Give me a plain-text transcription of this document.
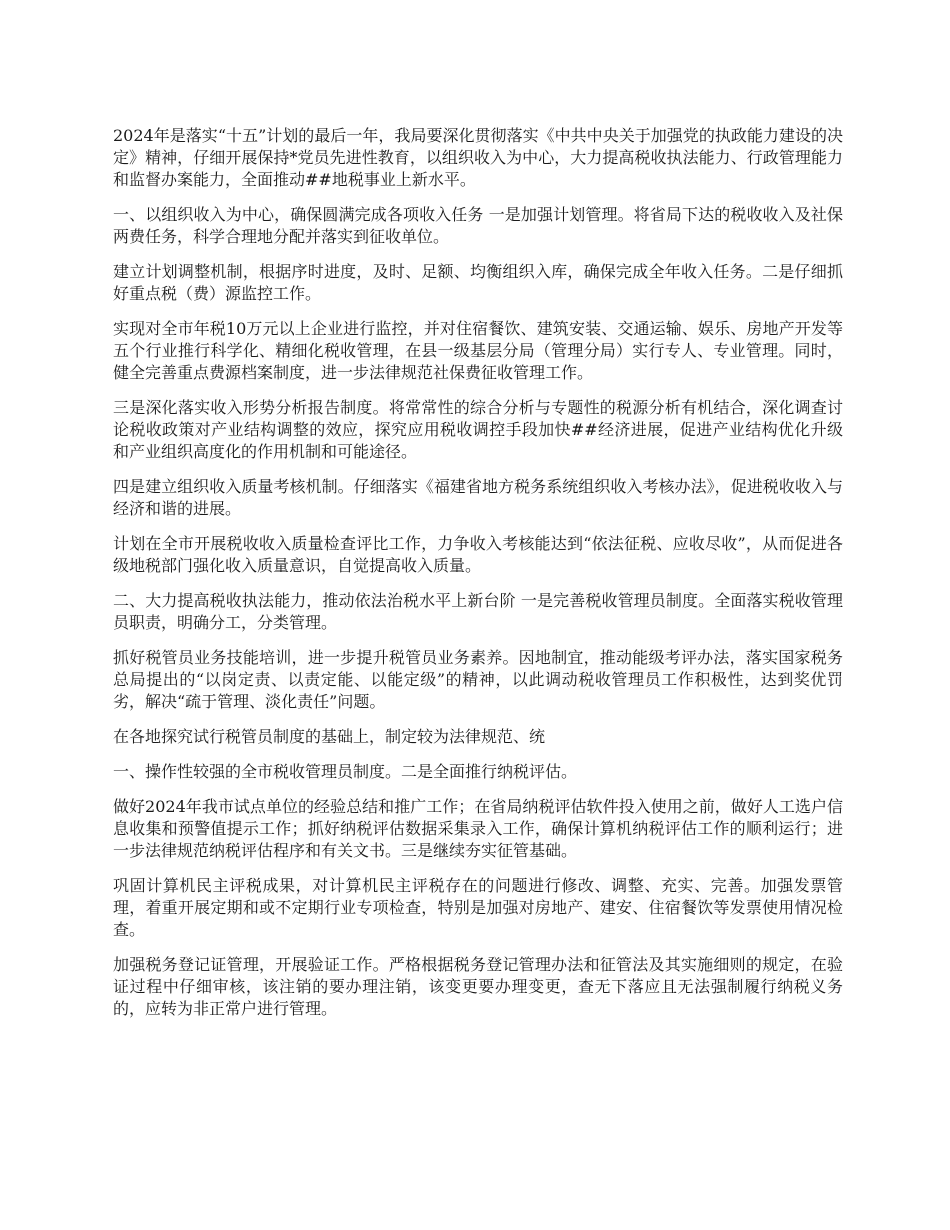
2024年是落实“十五”计划的最后一年，我局要深化贯彻落实《中共中央关于加强党的执政能力建设的决定》精神，仔细开展保持*党员先进性教育，以组织收入为中心，大力提高税收执法能力、行政管理能力和监督办案能力，全面推动##地税事业上新水平。

一、以组织收入为中心，确保圆满完成各项收入任务 一是加强计划管理。将省局下达的税收收入及社保两费任务，科学合理地分配并落实到征收单位。

建立计划调整机制，根据序时进度，及时、足额、均衡组织入库，确保完成全年收入任务。二是仔细抓好重点税（费）源监控工作。

实现对全市年税10万元以上企业进行监控，并对住宿餐饮、建筑安装、交通运输、娱乐、房地产开发等五个行业推行科学化、精细化税收管理，在县一级基层分局（管理分局）实行专人、专业管理。同时，健全完善重点费源档案制度，进一步法律规范社保费征收管理工作。

三是深化落实收入形势分析报告制度。将常常性的综合分析与专题性的税源分析有机结合，深化调查讨论税收政策对产业结构调整的效应，探究应用税收调控手段加快##经济进展，促进产业结构优化升级和产业组织高度化的作用机制和可能途径。

四是建立组织收入质量考核机制。仔细落实《福建省地方税务系统组织收入考核办法》，促进税收收入与经济和谐的进展。

计划在全市开展税收收入质量检查评比工作，力争收入考核能达到“依法征税、应收尽收”，从而促进各级地税部门强化收入质量意识，自觉提高收入质量。

二、大力提高税收执法能力，推动依法治税水平上新台阶 一是完善税收管理员制度。全面落实税收管理员职责，明确分工，分类管理。

抓好税管员业务技能培训，进一步提升税管员业务素养。因地制宜，推动能级考评办法，落实国家税务总局提出的“以岗定责、以责定能、以能定级”的精神，以此调动税收管理员工作积极性，达到奖优罚劣，解决“疏于管理、淡化责任”问题。

在各地探究试行税管员制度的基础上，制定较为法律规范、统

一、操作性较强的全市税收管理员制度。二是全面推行纳税评估。

做好2024年我市试点单位的经验总结和推广工作；在省局纳税评估软件投入使用之前，做好人工选户信息收集和预警值提示工作；抓好纳税评估数据采集录入工作，确保计算机纳税评估工作的顺利运行；进一步法律规范纳税评估程序和有关文书。三是继续夯实征管基础。

巩固计算机民主评税成果，对计算机民主评税存在的问题进行修改、调整、充实、完善。加强发票管理，着重开展定期和或不定期行业专项检查，特别是加强对房地产、建安、住宿餐饮等发票使用情况检查。

加强税务登记证管理，开展验证工作。严格根据税务登记管理办法和征管法及其实施细则的规定，在验证过程中仔细审核，该注销的要办理注销，该变更要办理变更，查无下落应且无法强制履行纳税义务的，应转为非正常户进行管理。
